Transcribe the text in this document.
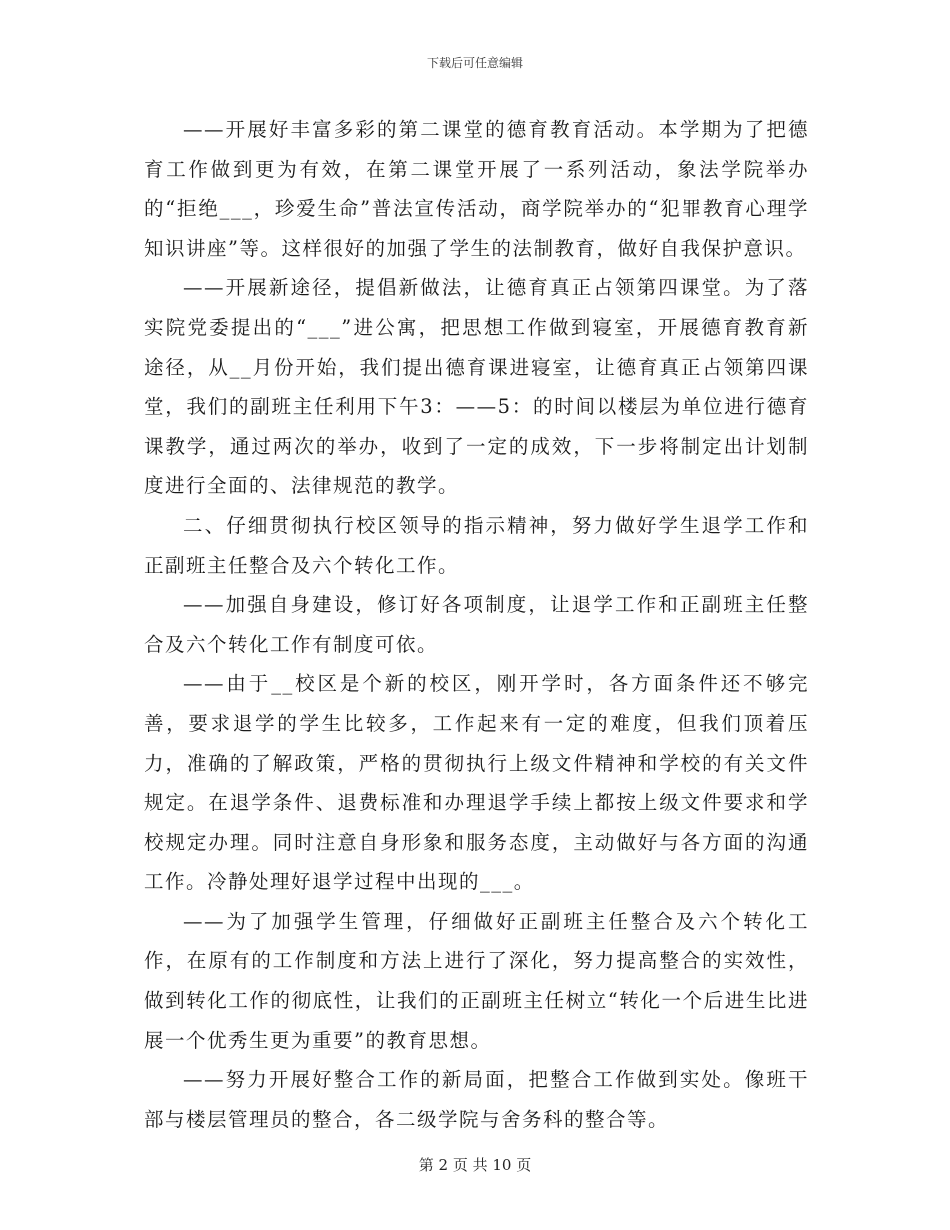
下载后可任意编辑

——开展好丰富多彩的第二课堂的德育教育活动。本学期为了把德育工作做到更为有效，在第二课堂开展了一系列活动，象法学院举办的“拒绝___，珍爱生命”普法宣传活动，商学院举办的“犯罪教育心理学知识讲座”等。这样很好的加强了学生的法制教育，做好自我保护意识。

——开展新途径，提倡新做法，让德育真正占领第四课堂。为了落实院党委提出的“___”进公寓，把思想工作做到寝室，开展德育教育新途径，从__月份开始，我们提出德育课进寝室，让德育真正占领第四课堂，我们的副班主任利用下午3：——5：的时间以楼层为单位进行德育课教学，通过两次的举办，收到了一定的成效，下一步将制定出计划制度进行全面的、法律规范的教学。

二、仔细贯彻执行校区领导的指示精神，努力做好学生退学工作和正副班主任整合及六个转化工作。

——加强自身建设，修订好各项制度，让退学工作和正副班主任整合及六个转化工作有制度可依。

——由于__校区是个新的校区，刚开学时，各方面条件还不够完善，要求退学的学生比较多，工作起来有一定的难度，但我们顶着压力，准确的了解政策，严格的贯彻执行上级文件精神和学校的有关文件规定。在退学条件、退费标准和办理退学手续上都按上级文件要求和学校规定办理。同时注意自身形象和服务态度，主动做好与各方面的沟通工作。冷静处理好退学过程中出现的___。

——为了加强学生管理，仔细做好正副班主任整合及六个转化工作，在原有的工作制度和方法上进行了深化，努力提高整合的实效性，做到转化工作的彻底性，让我们的正副班主任树立“转化一个后进生比进展一个优秀生更为重要”的教育思想。

——努力开展好整合工作的新局面，把整合工作做到实处。像班干部与楼层管理员的整合，各二级学院与舍务科的整合等。

第 2 页 共 10 页
